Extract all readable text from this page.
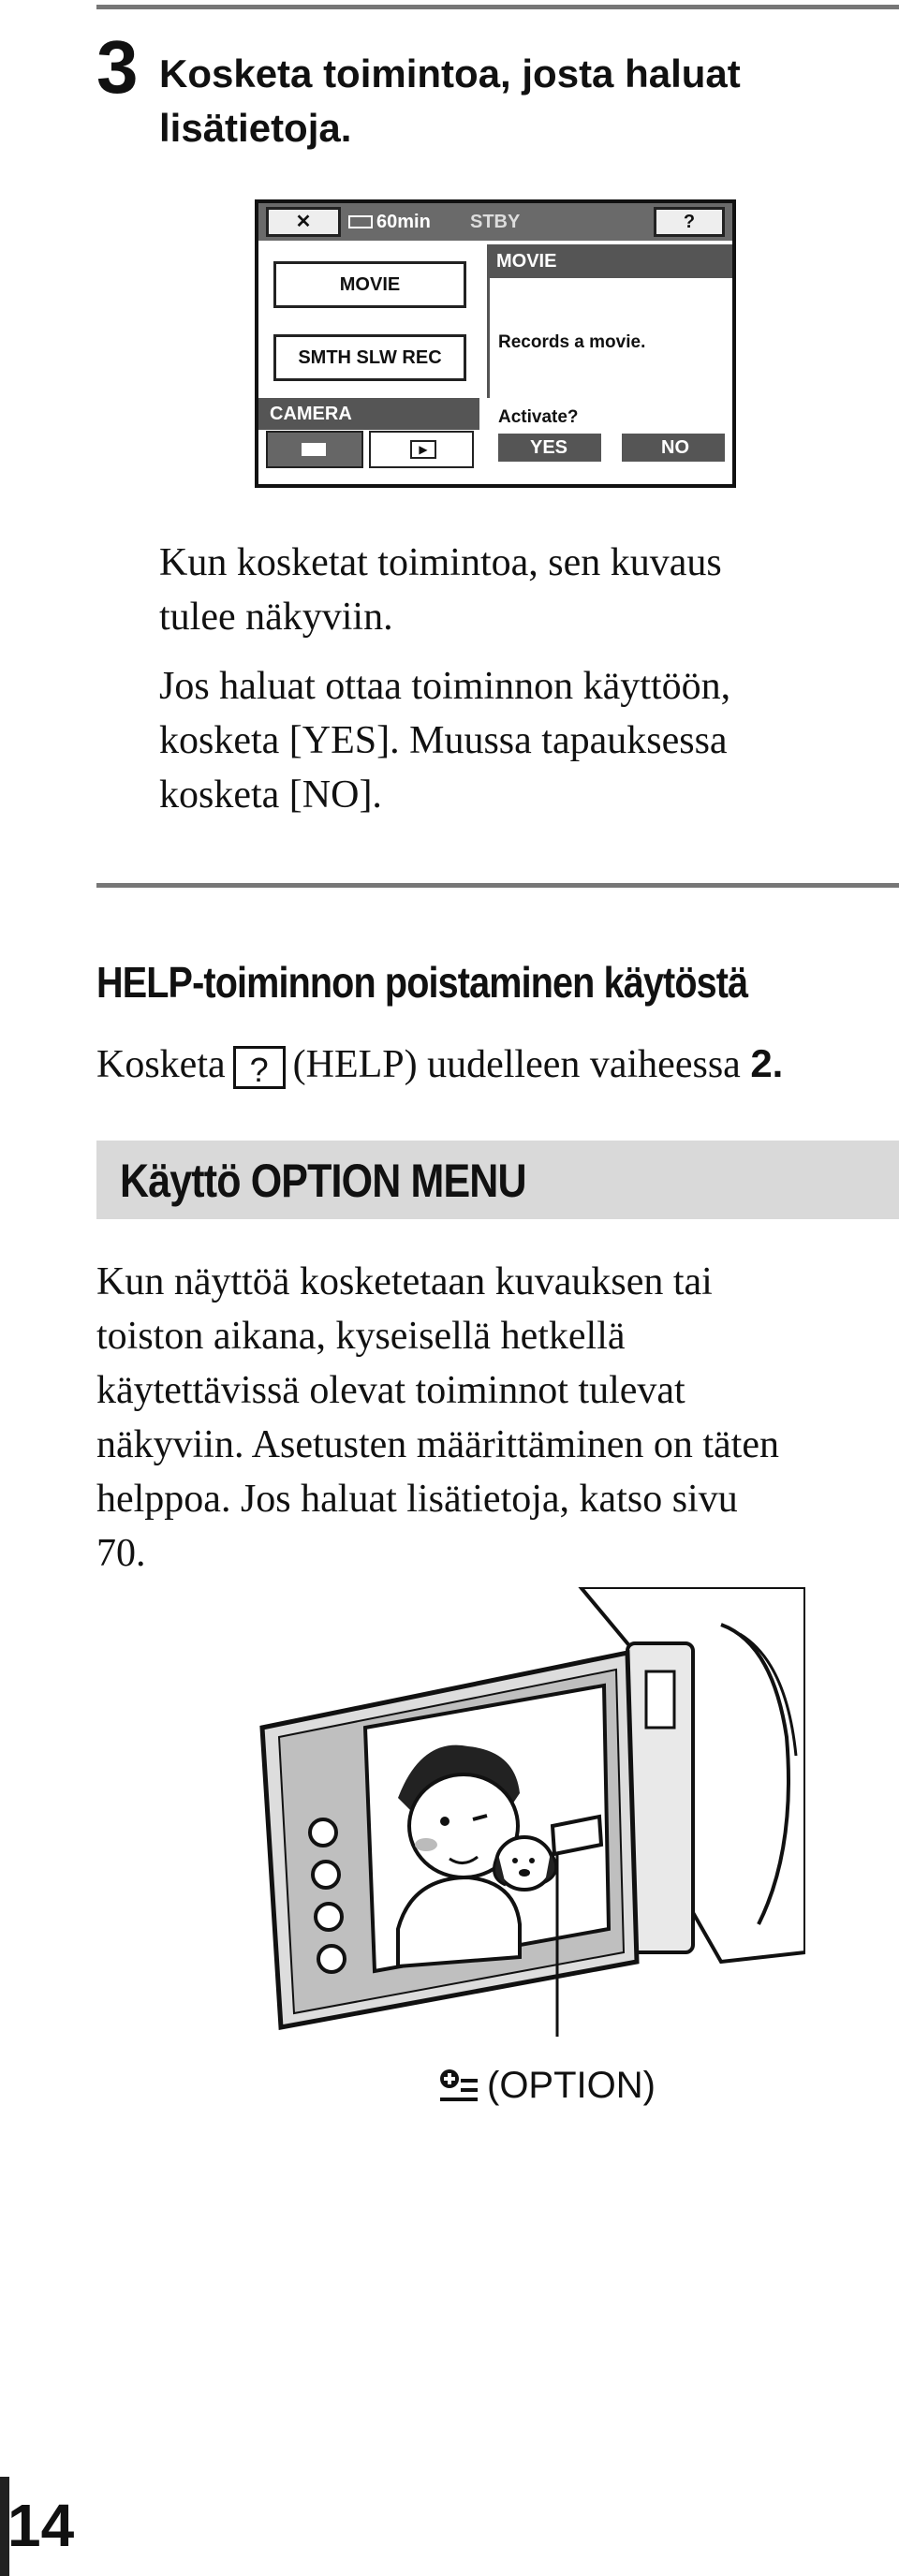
3 Kosketa toimintoa, josta haluat
lisätietoja.
✕	60min STBY	?
MOVIE
SMTH SLW REC
CAMERA
MOVIE
Records a movie.
Activate?
YES	NO
▶
Kun kosketat toimintoa, sen kuvaus
tulee näkyviin.
Jos haluat ottaa toiminnon käyttöön,
kosketa [YES]. Muussa tapauksessa
kosketa [NO].
HELP-toiminnon poistaminen käytöstä
Kosketa ? (HELP) uudelleen vaiheessa 2.
Käyttö OPTION MENU
Kun näyttöä kosketetaan kuvauksen tai
toiston aikana, kyseisellä hetkellä
käytettävissä olevat toiminnot tulevat
näkyviin. Asetusten määrittäminen on täten
helppoa. Jos haluat lisätietoja, katso sivu
70.
(OPTION)
14
